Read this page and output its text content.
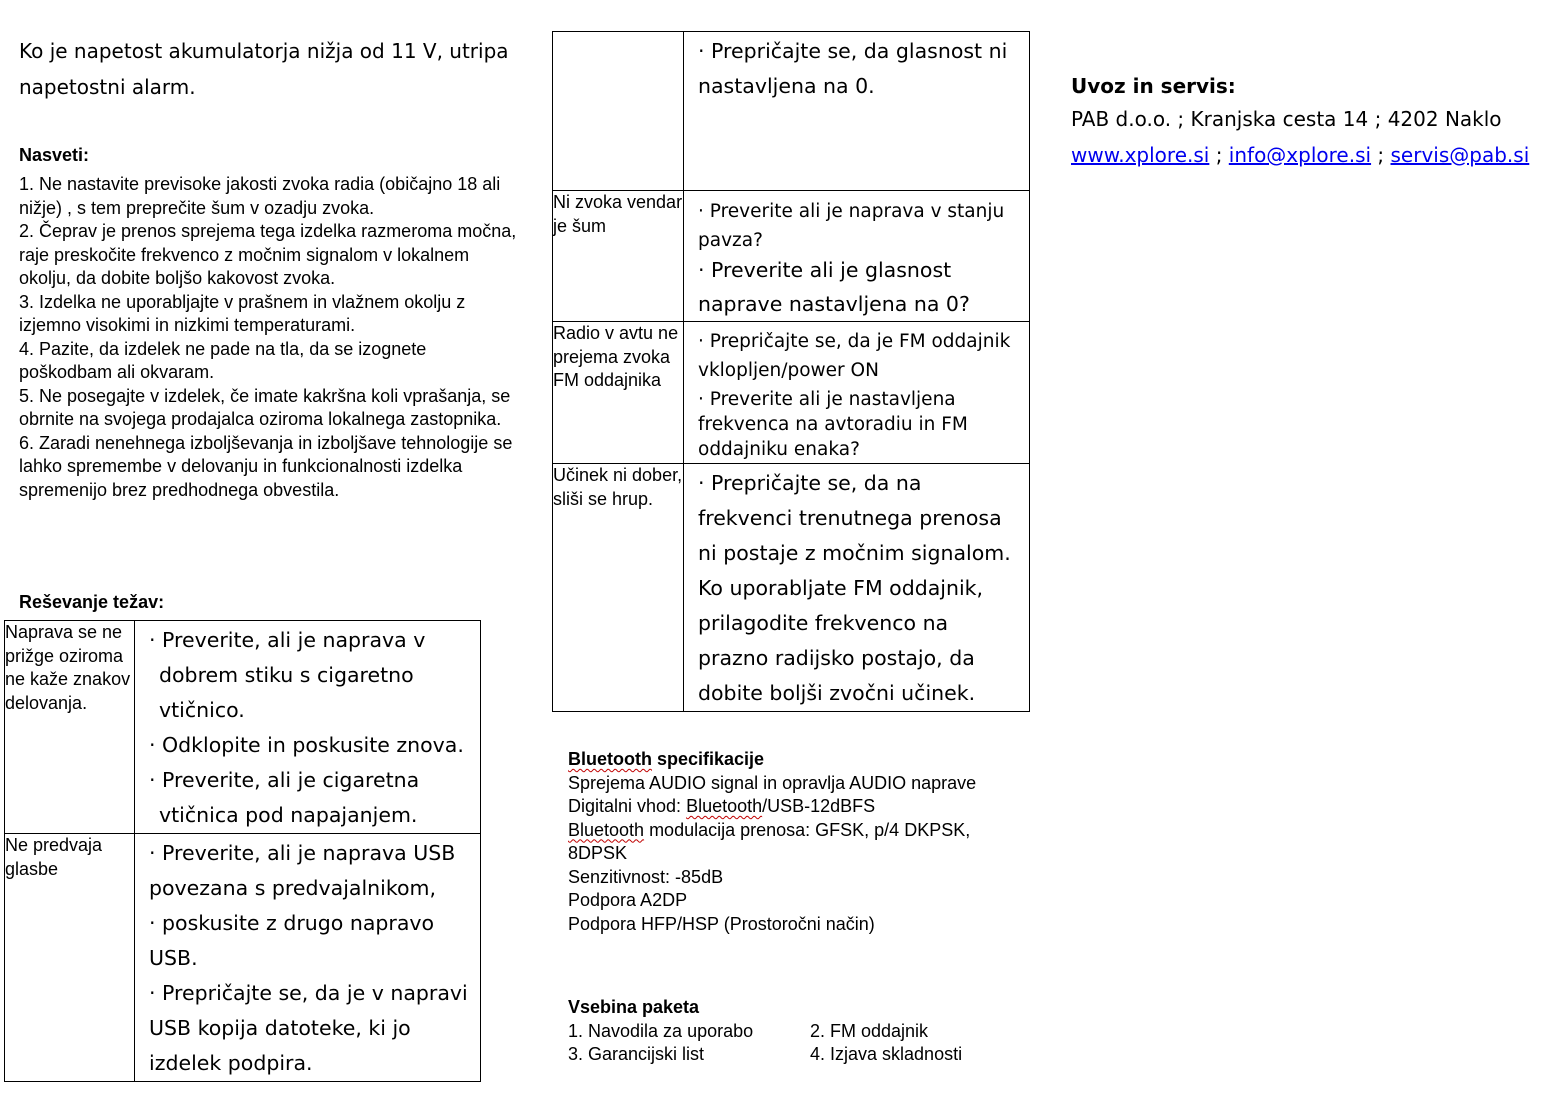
Ko je napetost akumulatorja nižja od 11 V, utripa napetostni alarm.
Nasveti:
1. Ne nastavite previsoke jakosti zvoka radia (običajno 18 ali nižje) , s tem preprečite šum v ozadju zvoka.
2. Čeprav je prenos sprejema tega izdelka razmeroma močna, raje preskočite frekvenco z močnim signalom v lokalnem okolju, da dobite boljšo kakovost zvoka.
3. Izdelka ne uporabljajte v prašnem in vlažnem okolju z izjemno visokimi in nizkimi temperaturami.
4. Pazite, da izdelek ne pade na tla, da se izognete poškodbam ali okvaram.
5. Ne posegajte v izdelek, če imate kakršna koli vprašanja, se obrnite na svojega prodajalca oziroma lokalnega zastopnika.
6. Zaradi nenehnega izboljševanja in izboljšave tehnologije se lahko spremembe v delovanju in funkcionalnosti izdelka spremenijo brez predhodnega obvestila.
Reševanje težav:
Naprava se ne prižge oziroma ne kaže znakov delovanja.	· Preverite, ali je naprava v dobrem stiku s cigaretno vtičnico.
· Odklopite in poskusite znova.
· Preverite, ali je cigaretna vtičnica pod napajanjem.

Ne predvaja glasbe	· Preverite, ali je naprava USB povezana s predvajalnikom,
· poskusite z drugo napravo USB.
· Prepričajte se, da je v napravi USB kopija datoteke, ki jo izdelek podpira.

	· Prepričajte se, da glasnost ni nastavljena na 0.

Ni zvoka vendar je šum	· Preverite ali je naprava v stanju pavza?
· Preverite ali je glasnost naprave nastavljena na 0?

Radio v avtu ne prejema zvoka FM oddajnika	· Prepričajte se, da je FM oddajnik vklopljen/power ON
· Preverite ali je nastavljena frekvenca na avtoradiu in FM oddajniku enaka?

Učinek ni dober, sliši se hrup.	· Prepričajte se, da na frekvenci trenutnega prenosa ni postaje z močnim signalom. Ko uporabljate FM oddajnik, prilagodite frekvenco na prazno radijsko postajo, da dobite boljši zvočni učinek.
Bluetooth specifikacije
Sprejema AUDIO signal in opravlja AUDIO naprave
Digitalni vhod: Bluetooth/USB-12dBFS
Bluetooth modulacija prenosa: GFSK, p/4 DKPSK, 8DPSK
Senzitivnost: -85dB
Podpora A2DP
Podpora HFP/HSP (Prostoročni način)
Vsebina paketa
1. Navodila za uporabo	2. FM oddajnik
3. Garancijski list	4. Izjava skladnosti
Uvoz in servis:
PAB d.o.o. ; Kranjska cesta 14 ; 4202 Naklo
www.xplore.si ; info@xplore.si ; servis@pab.si
